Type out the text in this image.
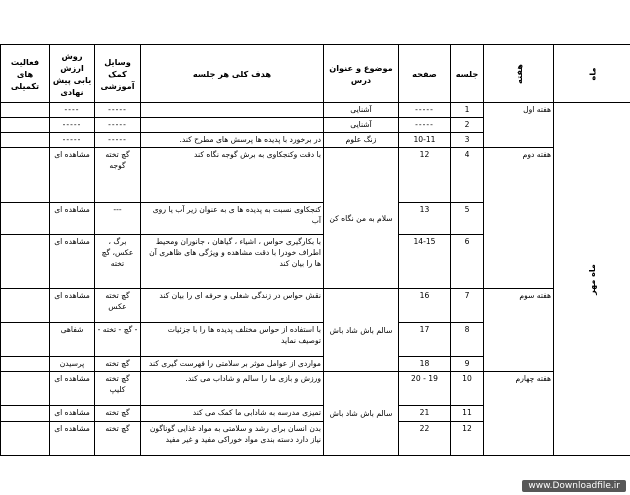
ماه	هفته	جلسه	صفحه	موضوع و عنوان درس	هدف کلی هر جلسه	وسایل کمک آموزشی	روش ارزش یابی پیش نهادی	فعالیت های تکمیلی
ماه مهر	هفته اول	1	-----	آشنایی		-----	----	
		2	-----	آشنایی		-----	-----	
		3	10-11	زنگ علوم	در برخورد با پدیده ها پرسش های مطرح کند.	-----	-----	
	هفته دوم	4	12	سلام به من نگاه کن	با دقت وکنجکاوی به برش گوجه نگاه کند	گچ تخته گوجه	مشاهده ای	
		5	13		کنجکاوی نسبت به پدیده ها ی به عنوان زیر آب یا روی آب	---	مشاهده ای	
		6	14-15		با بکارگیری حواس ، اشیاء ، گیاهان ، جانوران ومحیط اطراف خودرا با دقت مشاهده و ویژگی های ظاهری آن ها را بیان کند	برگ ، عکس، گچ تخته	مشاهده ای	
	هفته سوم	7	16	سالم باش شاد باش	نقش حواس در زندگی شغلی و حرفه ای را بیان کند	گچ تخته عکس	مشاهده ای	
		8	17		با استفاده از حواس مختلف پدیده ها را با جزئیات توصیف نماید	- گچ - تخته -	شفاهی	
		9	18		مواردی از عوامل موثر بر سلامتی را فهرست گیری کند	گچ تخته	پرسیدن	
	هفته چهارم	10	19 - 20	سالم باش شاد باش	ورزش و بازی ما را سالم و شاداب می کند.	گچ تخته کلیپ	مشاهده ای	
		11	21		تمیزی مدرسه به شادابی ما کمک می کند	گچ تخته	مشاهده ای	
		12	22		بدن انسان برای رشد و سلامتی به مواد غذایی گوناگون نیاز دارد دسته بندی مواد خوراکی مفید و غیر مفید	گچ تخته	مشاهده ای	
www.Downloadfile.ir
